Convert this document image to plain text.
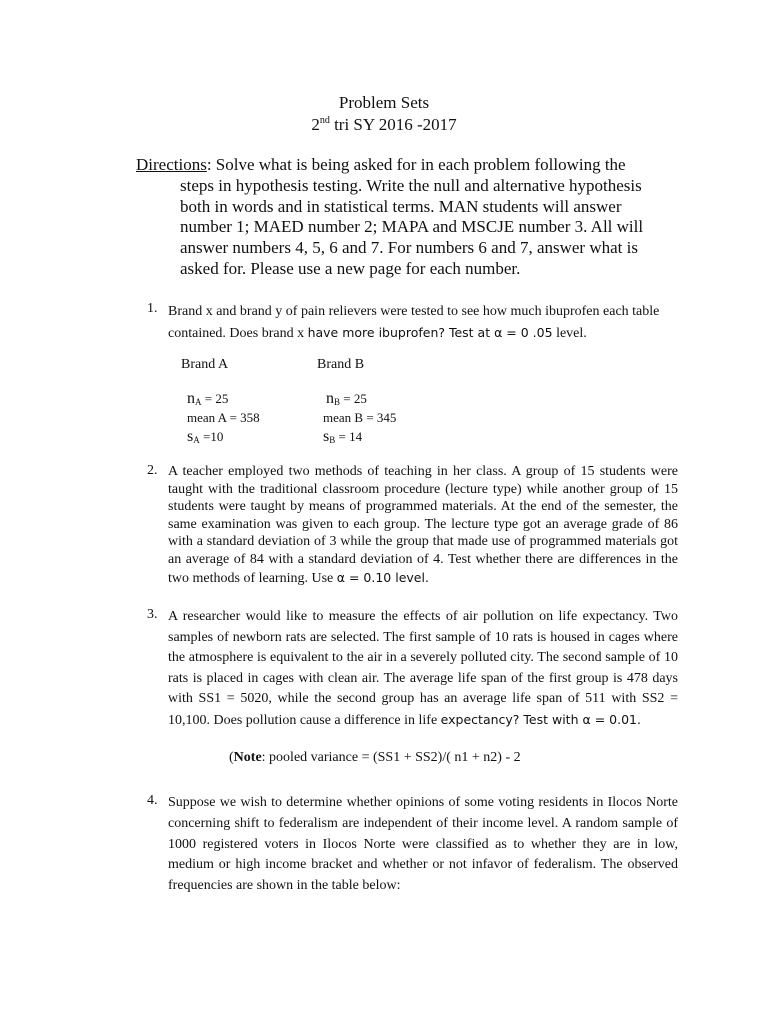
Problem Sets
2nd tri SY 2016 -2017
Directions: Solve what is being asked for in each problem following the
steps in hypothesis testing. Write the null and alternative hypothesis both in words and in statistical terms. MAN students will answer number 1; MAED number 2; MAPA and MSCJE number 3. All will answer numbers 4, 5, 6 and 7. For numbers 6 and 7, answer what is asked for. Please use a new page for each number.
1. Brand x and brand y of pain relievers were tested to see how much ibuprofen each table contained. Does brand x have more ibuprofen? Test at α = 0 .05 level.
Brand A	Brand B
$n_A = 25$
mean A = 358
$s_A =10$
$n_B = 25$
mean B = 345
$s_B = 14$
2. A teacher employed two methods of teaching in her class. A group of 15 students were taught with the traditional classroom procedure (lecture type) while another group of 15 students were taught by means of programmed materials. At the end of the semester, the same examination was given to each group. The lecture type got an average grade of 86 with a standard deviation of 3 while the group that made use of programmed materials got an average of 84 with a standard deviation of 4. Test whether there are differences in the two methods of learning. Use α = 0.10 level.
3. A researcher would like to measure the effects of air pollution on life expectancy. Two samples of newborn rats are selected. The first sample of 10 rats is housed in cages where the atmosphere is equivalent to the air in a severely polluted city. The second sample of 10 rats is placed in cages with clean air. The average life span of the first group is 478 days with SS1 = 5020, while the second group has an average life span of 511 with SS2 = 10,100. Does pollution cause a difference in life expectancy? Test with α = 0.01.
(Note: pooled variance = (SS1 + SS2)/( n1 + n2) - 2
4. Suppose we wish to determine whether opinions of some voting residents in Ilocos Norte concerning shift to federalism are independent of their income level. A random sample of 1000 registered voters in Ilocos Norte were classified as to whether they are in low, medium or high income bracket and whether or not infavor of federalism. The observed frequencies are shown in the table below:
